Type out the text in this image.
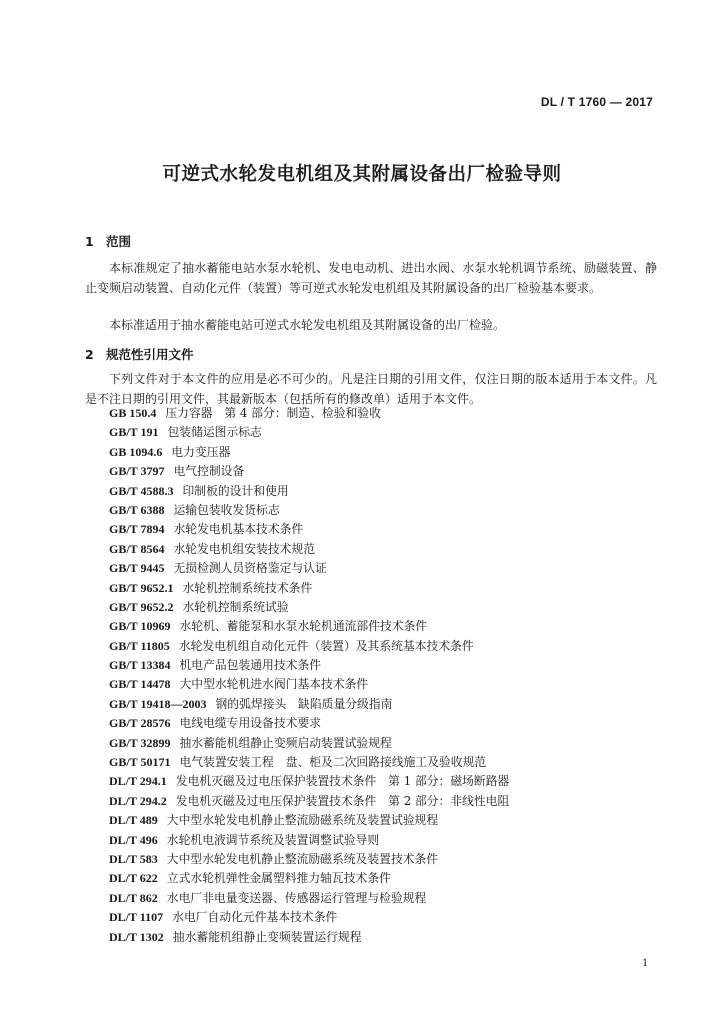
DL / T 1760 — 2017
可逆式水轮发电机组及其附属设备出厂检验导则
1 范围

本标准规定了抽水蓄能电站水泵水轮机、发电电动机、进出水阀、水泵水轮机调节系统、励磁装置、静止变频启动装置、自动化元件（装置）等可逆式水轮发电机组及其附属设备的出厂检验基本要求。

本标准适用于抽水蓄能电站可逆式水轮发电机组及其附属设备的出厂检验。

2 规范性引用文件

下列文件对于本文件的应用是必不可少的。凡是注日期的引用文件，仅注日期的版本适用于本文件。凡是不注日期的引用文件，其最新版本（包括所有的修改单）适用于本文件。

GB 150.4 压力容器　第 4 部分：制造、检验和验收
GB/T 191 包装储运图示标志
GB 1094.6 电力变压器
GB/T 3797 电气控制设备
GB/T 4588.3 印制板的设计和使用
GB/T 6388 运输包装收发货标志
GB/T 7894 水轮发电机基本技术条件
GB/T 8564 水轮发电机组安装技术规范
GB/T 9445 无损检测人员资格鉴定与认证
GB/T 9652.1 水轮机控制系统技术条件
GB/T 9652.2 水轮机控制系统试验
GB/T 10969 水轮机、蓄能泵和水泵水轮机通流部件技术条件
GB/T 11805 水轮发电机组自动化元件（装置）及其系统基本技术条件
GB/T 13384 机电产品包装通用技术条件
GB/T 14478 大中型水轮机进水阀门基本技术条件
GB/T 19418—2003 钢的弧焊接头　缺陷质量分级指南
GB/T 28576 电线电缆专用设备技术要求
GB/T 32899 抽水蓄能机组静止变频启动装置试验规程
GB/T 50171 电气装置安装工程　盘、柜及二次回路接线施工及验收规范
DL/T 294.1 发电机灭磁及过电压保护装置技术条件　第 1 部分：磁场断路器
DL/T 294.2 发电机灭磁及过电压保护装置技术条件　第 2 部分：非线性电阻
DL/T 489 大中型水轮发电机静止整流励磁系统及装置试验规程
DL/T 496 水轮机电液调节系统及装置调整试验导则
DL/T 583 大中型水轮发电机静止整流励磁系统及装置技术条件
DL/T 622 立式水轮机弹性金属塑料推力轴瓦技术条件
DL/T 862 水电厂非电量变送器、传感器运行管理与检验规程
DL/T 1107 水电厂自动化元件基本技术条件
DL/T 1302 抽水蓄能机组静止变频装置运行规程
1
